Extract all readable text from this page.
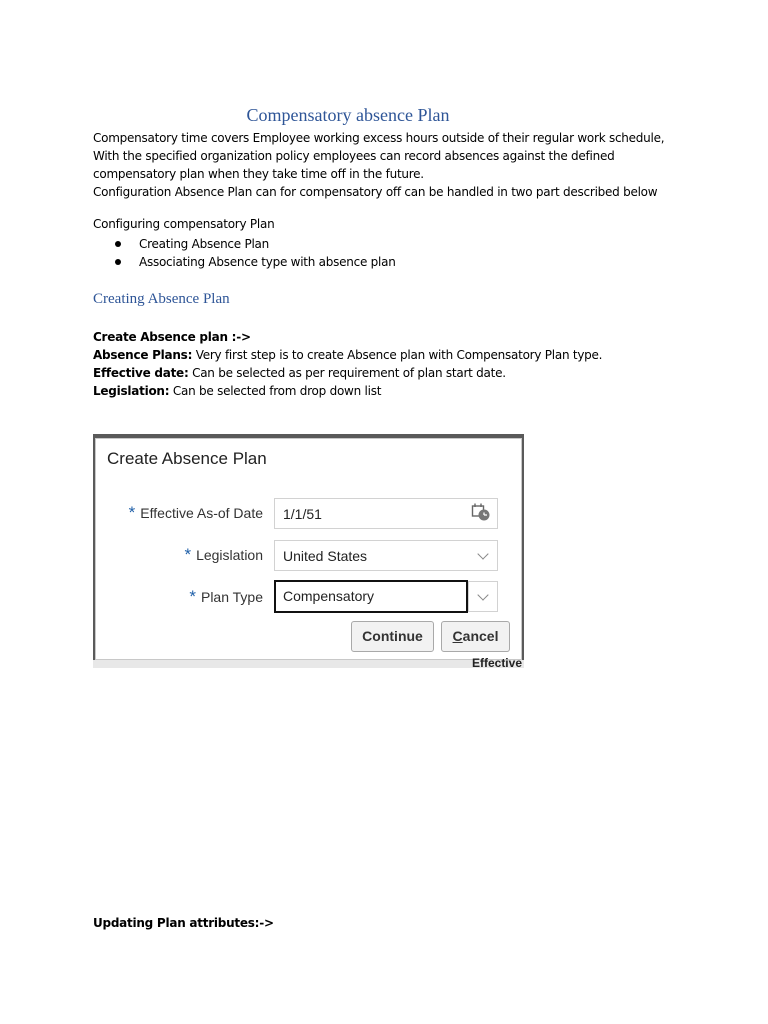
Compensatory absence Plan
Compensatory time covers Employee working excess hours outside of their regular work schedule,
With the specified organization policy employees can record absences against the defined
compensatory plan when they take time off in the future.
Configuration Absence Plan can for compensatory off can be handled in two part described below
Configuring compensatory Plan
Creating Absence Plan
Associating Absence type with absence plan
Creating Absence Plan
Create Absence plan :->
Absence Plans: Very first step is to create Absence plan with Compensatory Plan type.
Effective date: Can be selected as per requirement of plan start date.
Legislation: Can be selected from drop down list
Create Absence Plan
* Effective As-of Date	1/1/51
* Legislation	United States
* Plan Type	Compensatory
Continue	Cancel
Effective
Updating Plan attributes:->
